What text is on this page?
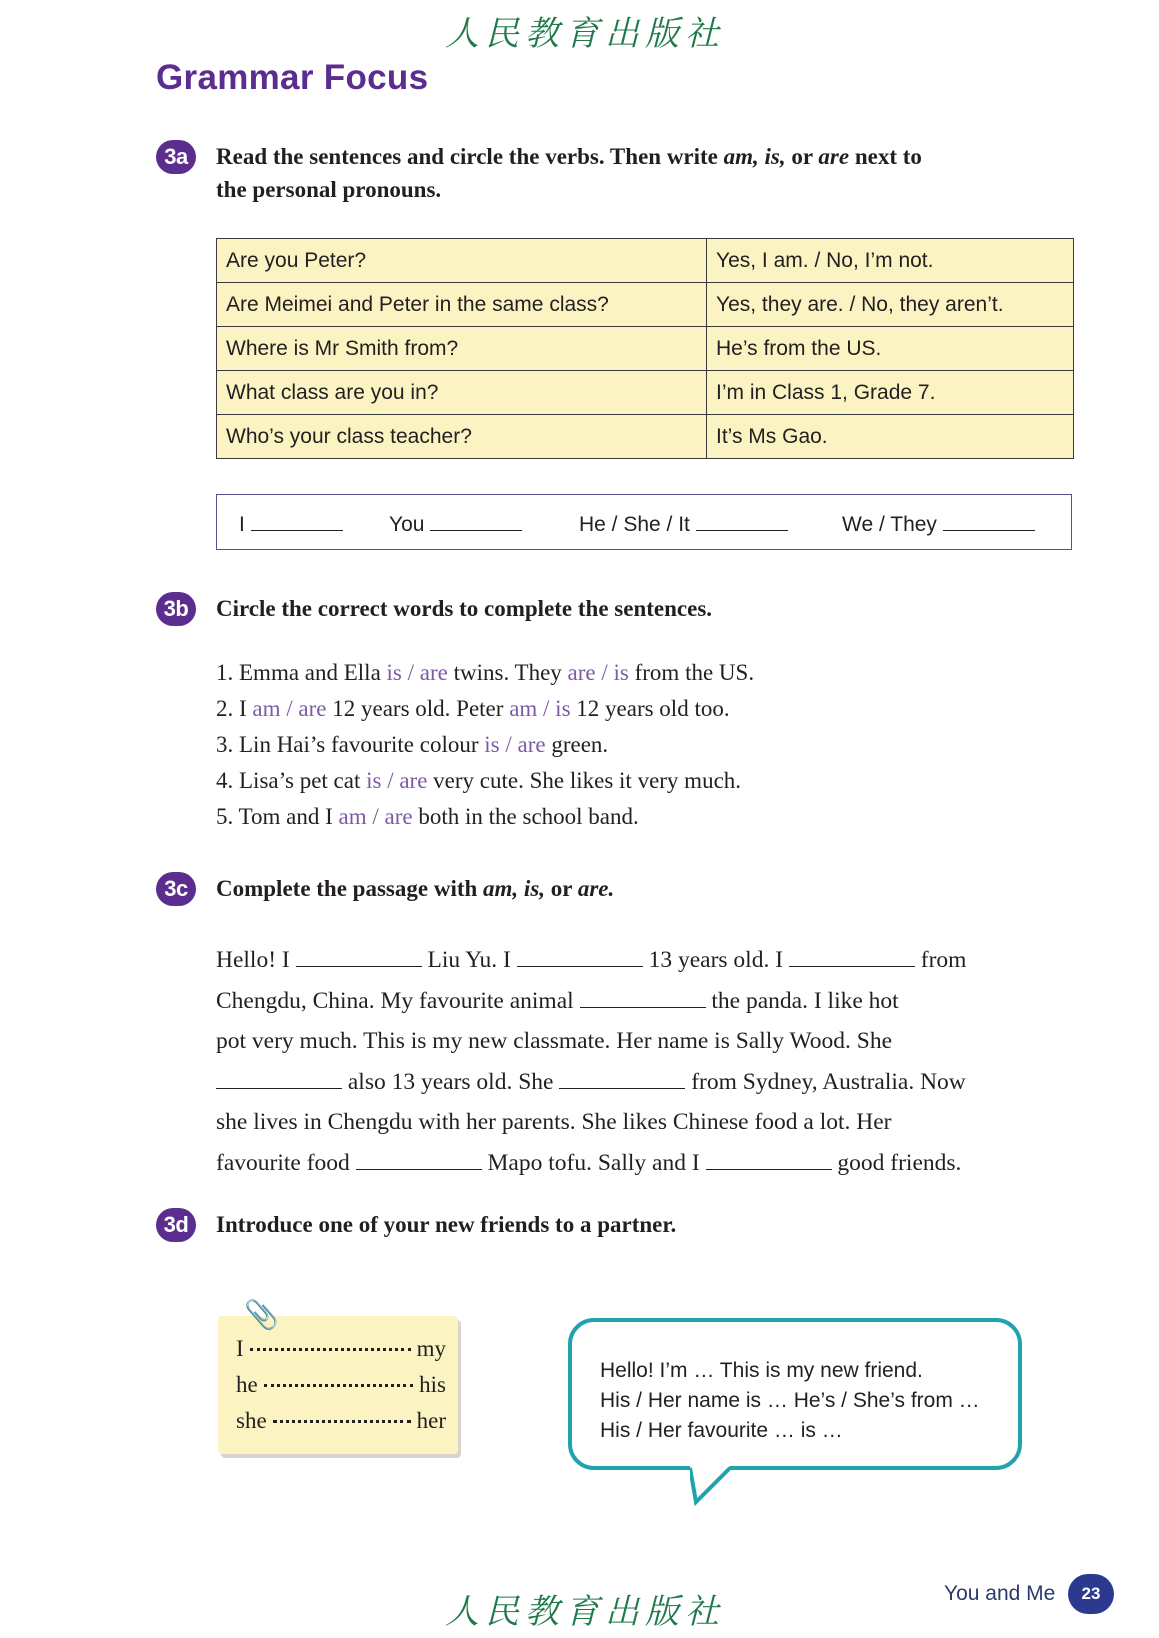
人民教育出版社
Grammar Focus
3a	Read the sentences and circle the verbs. Then write am, is, or are next to
the personal pronouns.
Are you Peter?	Yes, I am. / No, I’m not.
Are Meimei and Peter in the same class?	Yes, they are. / No, they aren’t.
Where is Mr Smith from?	He’s from the US.
What class are you in?	I’m in Class 1, Grade 7.
Who’s your class teacher?	It’s Ms Gao.
I	You	He / She / It	We / They
3b	Circle the correct words to complete the sentences.
1. Emma and Ella is / are twins. They are / is from the US.
2. I am / are 12 years old. Peter am / is 12 years old too.
3. Lin Hai’s favourite colour is / are green.
4. Lisa’s pet cat is / are very cute. She likes it very much.
5. Tom and I am / are both in the school band.
3c	Complete the passage with am, is, or are.
Hello! I	Liu Yu. I	13 years old. I	from
Chengdu, China. My favourite animal	the panda. I like hot
pot very much. This is my new classmate. Her name is Sally Wood. She
also 13 years old. She	from Sydney, Australia. Now
she lives in Chengdu with her parents. She likes Chinese food a lot. Her
favourite food	Mapo tofu. Sally and I	good friends.
3d	Introduce one of your new friends to a partner.
📎
I	my
he	his
she	her
Hello! I’m … This is my new friend.
His / Her name is … He’s / She’s from …
His / Her favourite … is …
人民教育出版社	You and Me	23
